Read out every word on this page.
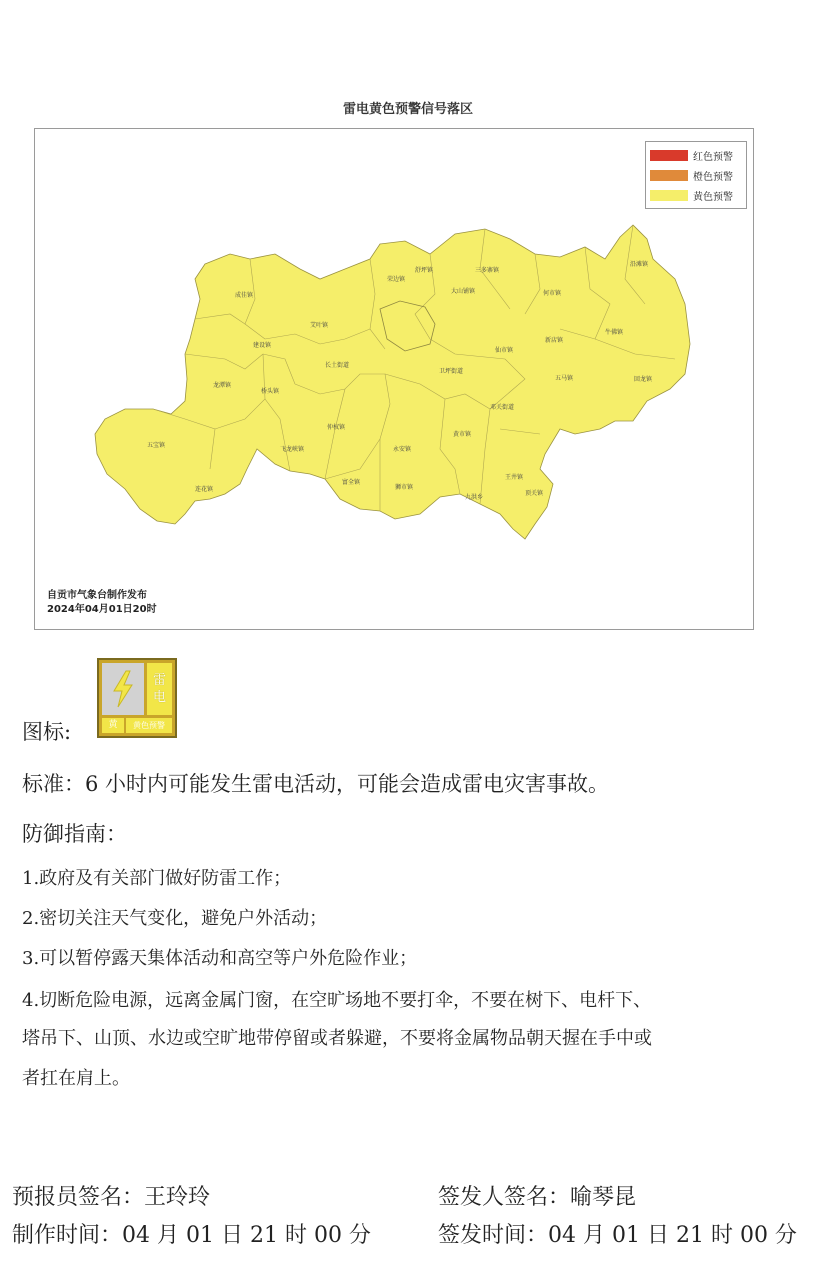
雷电黄色预警信号落区
成佳镇
建设镇
艾叶镇
龙潭镇
桥头镇
五宝镇
连花镇
长土街道
飞龙峡镇
仲权镇
富全镇
狮市镇
永安镇
九洪乡
王井镇
顶关镇
黄市镇
卫坪街道
三多寨镇
大山铺镇	何市镇
新店镇
牛佛镇
五马镇	回龙镇
沿滩镇
邓关街道
仙市镇
荣边镇
舒坪镇
红色预警
橙色预警
黄色预警
自贡市气象台制作发布
2024年04月01日20时
图标:
雷
电
黄	黄色预警
标准：6 小时内可能发生雷电活动，可能会造成雷电灾害事故。
防御指南：
1.政府及有关部门做好防雷工作；
2.密切关注天气变化，避免户外活动；
3.可以暂停露天集体活动和高空等户外危险作业；
4.切断危险电源，远离金属门窗，在空旷场地不要打伞，不要在树下、电杆下、
塔吊下、山顶、水边或空旷地带停留或者躲避，不要将金属物品朝天握在手中或
者扛在肩上。
预报员签名：王玲玲	签发人签名：喻琴昆
制作时间：04 月 01 日 21 时 00 分	签发时间：04 月 01 日 21 时 00 分
